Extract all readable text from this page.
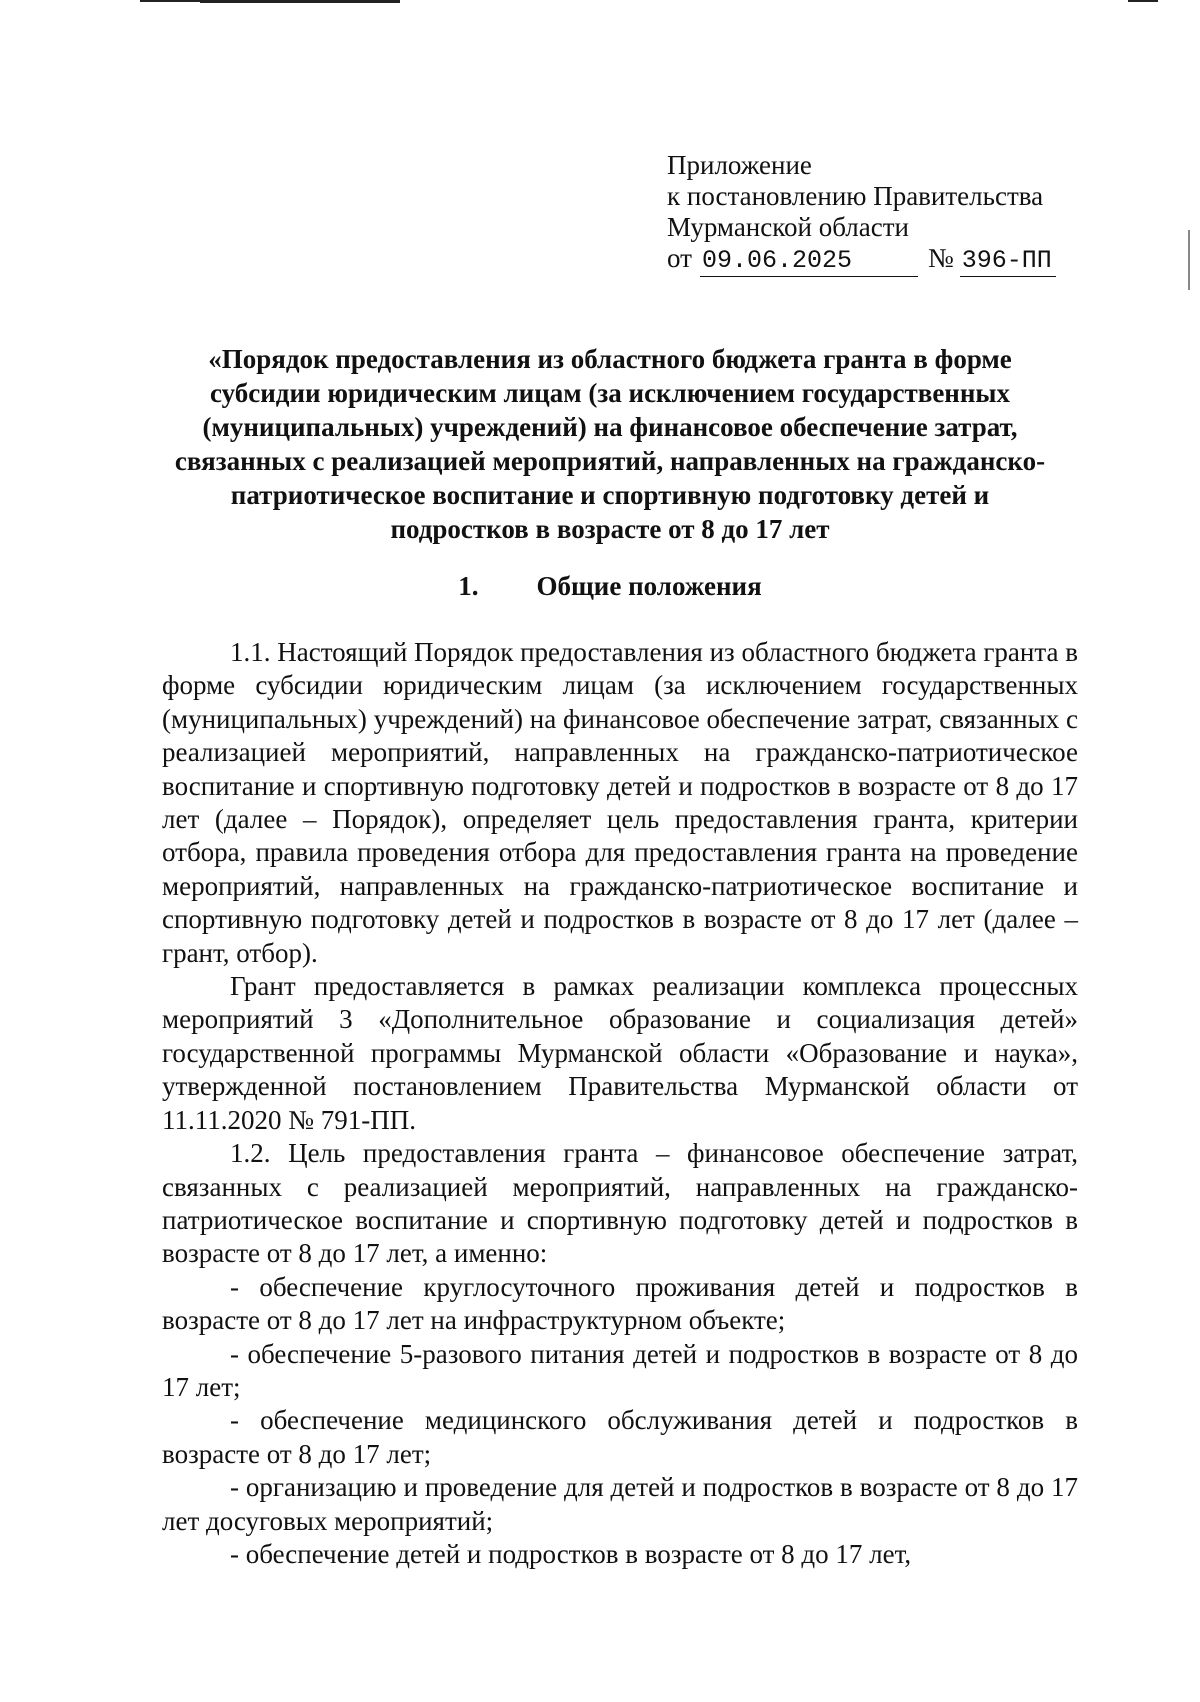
Приложение
к постановлению Правительства
Мурманской области
от 09.06.2025	№ 396-ПП
«Порядок предоставления из областного бюджета гранта в форме субсидии юридическим лицам (за исключением государственных (муниципальных) учреждений) на финансовое обеспечение затрат, связанных с реализацией мероприятий, направленных на гражданско-патриотическое воспитание и спортивную подготовку детей и подростков в возрасте от 8 до 17 лет
1. Общие положения

1.1. Настоящий Порядок предоставления из областного бюджета гранта в форме субсидии юридическим лицам (за исключением государственных (муниципальных) учреждений) на финансовое обеспечение затрат, связанных с реализацией мероприятий, направленных на гражданско-патриотическое воспитание и спортивную подготовку детей и подростков в возрасте от 8 до 17 лет (далее – Порядок), определяет цель предоставления гранта, критерии отбора, правила проведения отбора для предоставления гранта на проведение мероприятий, направленных на гражданско-патриотическое воспитание и спортивную подготовку детей и подростков в возрасте от 8 до 17 лет (далее – грант, отбор).

Грант предоставляется в рамках реализации комплекса процессных мероприятий 3 «Дополнительное образование и социализация детей» государственной программы Мурманской области «Образование и наука», утвержденной постановлением Правительства Мурманской области от 11.11.2020 № 791-ПП.

1.2. Цель предоставления гранта – финансовое обеспечение затрат, связанных с реализацией мероприятий, направленных на гражданско-патриотическое воспитание и спортивную подготовку детей и подростков в возрасте от 8 до 17 лет, а именно:

- обеспечение круглосуточного проживания детей и подростков в возрасте от 8 до 17 лет на инфраструктурном объекте;

- обеспечение 5-разового питания детей и подростков в возрасте от 8 до 17 лет;

- обеспечение медицинского обслуживания детей и подростков в возрасте от 8 до 17 лет;

- организацию и проведение для детей и подростков в возрасте от 8 до 17 лет досуговых мероприятий;

- обеспечение детей и подростков в возрасте от 8 до 17 лет,
